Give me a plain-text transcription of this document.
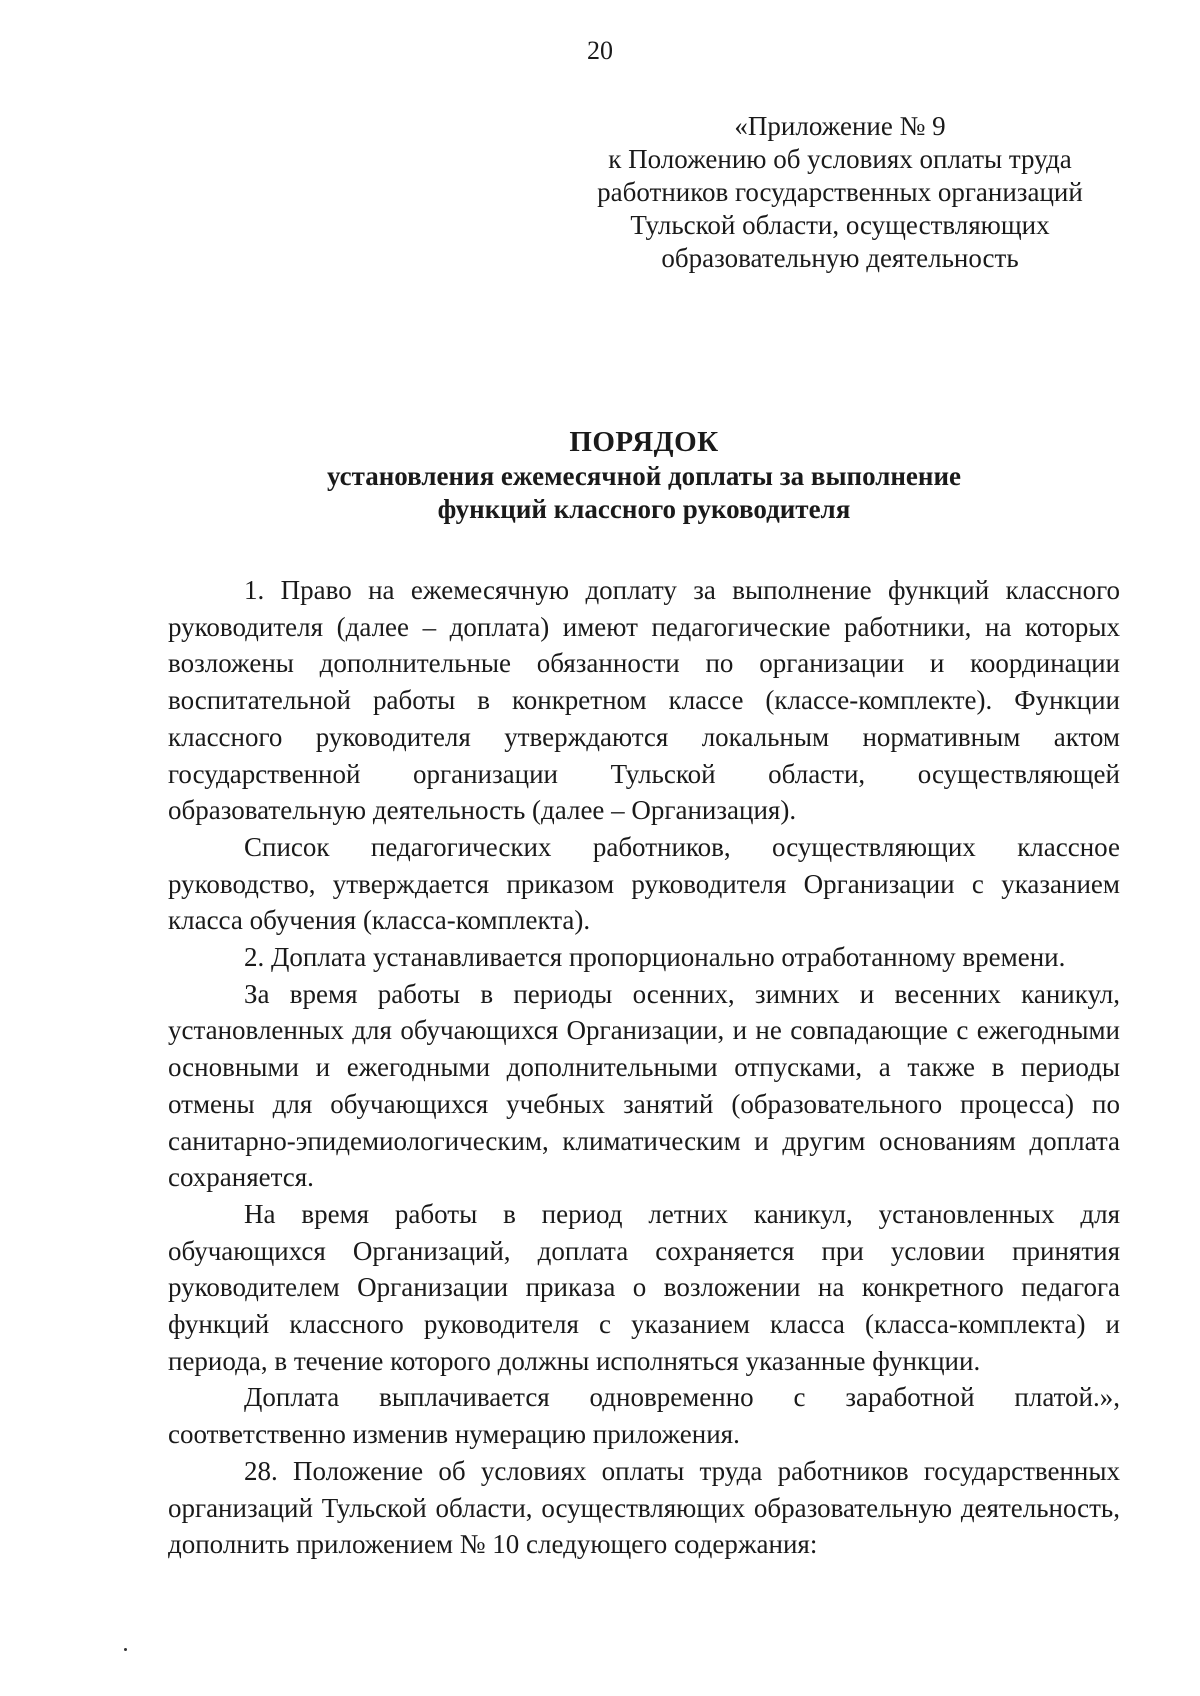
20
«Приложение № 9
к Положению об условиях оплаты труда
работников государственных организаций
Тульской области, осуществляющих
образовательную деятельность
ПОРЯДОК
установления ежемесячной доплаты за выполнение
функций классного руководителя

1. Право на ежемесячную доплату за выполнение функций классного руководителя (далее – доплата) имеют педагогические работники, на которых возложены дополнительные обязанности по организации и координации воспитательной работы в конкретном классе (классе-комплекте). Функции классного руководителя утверждаются локальным нормативным актом государственной организации Тульской области, осуществляющей образовательную деятельность (далее – Организация).

Список педагогических работников, осуществляющих классное руководство, утверждается приказом руководителя Организации с указанием класса обучения (класса-комплекта).

2. Доплата устанавливается пропорционально отработанному времени.

За время работы в периоды осенних, зимних и весенних каникул, установленных для обучающихся Организации, и не совпадающие с ежегодными основными и ежегодными дополнительными отпусками, а также в периоды отмены для обучающихся учебных занятий (образовательного процесса) по санитарно-эпидемиологическим, климатическим и другим основаниям доплата сохраняется.

На время работы в период летних каникул, установленных для обучающихся Организаций, доплата сохраняется при условии принятия руководителем Организации приказа о возложении на конкретного педагога функций классного руководителя с указанием класса (класса-комплекта) и периода, в течение которого должны исполняться указанные функции.

Доплата выплачивается одновременно с заработной платой.», соответственно изменив нумерацию приложения.

28. Положение об условиях оплаты труда работников государственных организаций Тульской области, осуществляющих образовательную деятельность, дополнить приложением № 10 следующего содержания:
